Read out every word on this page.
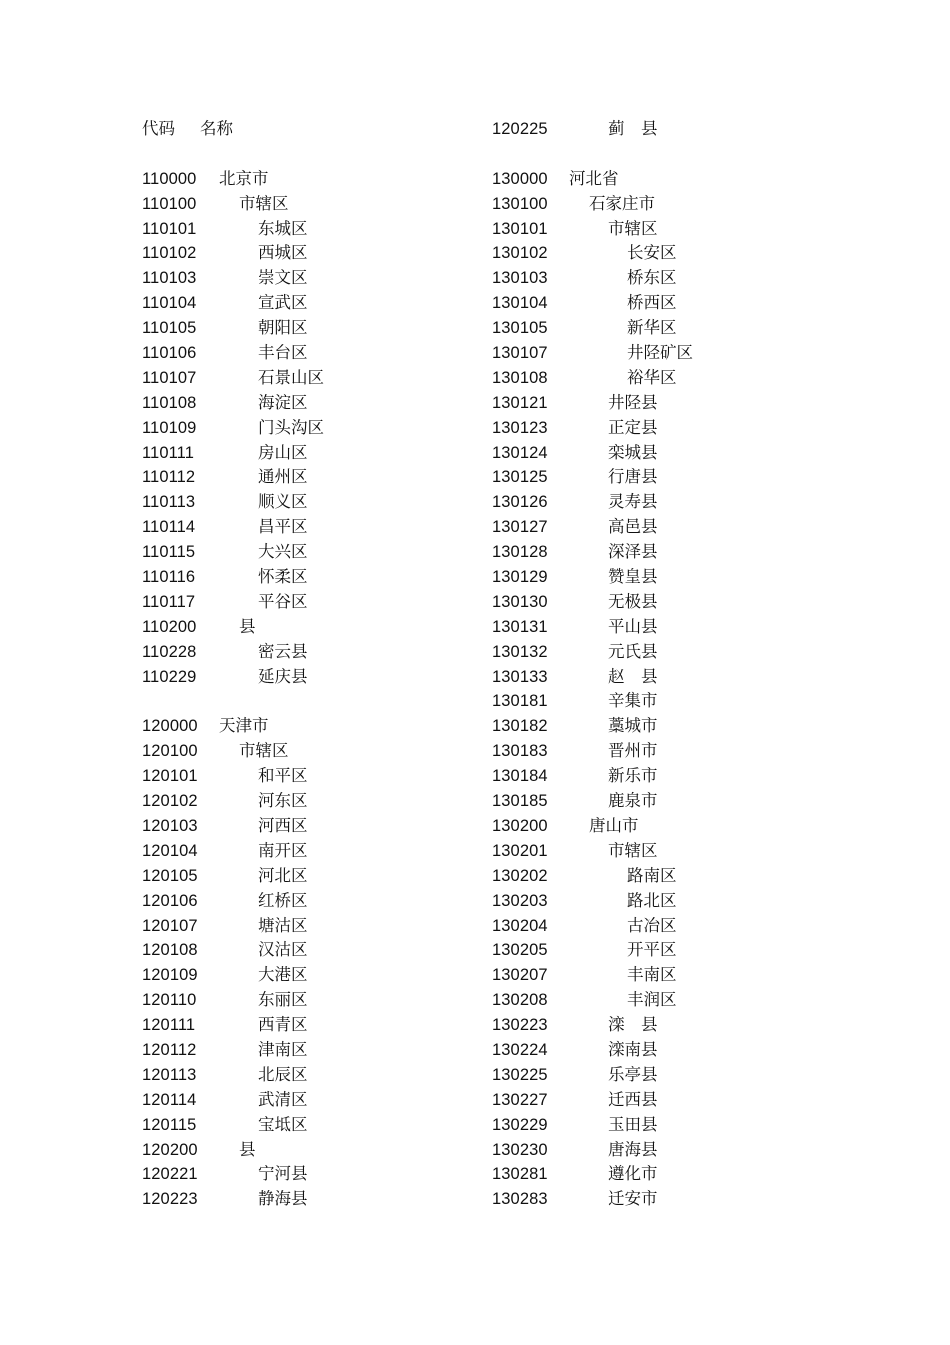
代码 名称
110000 北京市
110100	市辖区
110101	东城区
110102	西城区
110103	崇文区
110104	宣武区
110105	朝阳区
110106	丰台区
110107	石景山区
110108	海淀区
110109	门头沟区
110111	房山区
110112	通州区
110113	顺义区
110114	昌平区
110115	大兴区
110116	怀柔区
110117	平谷区
110200	县
110228	密云县
110229	延庆县
120000 天津市
120100	市辖区
120101	和平区
120102	河东区
120103	河西区
120104	南开区
120105	河北区
120106	红桥区
120107	塘沽区
120108	汉沽区
120109	大港区
120110	东丽区
120111	西青区
120112	津南区
120113	北辰区
120114	武清区
120115	宝坻区
120200	县
120221	宁河县
120223	静海县
120225	蓟　县
130000 河北省
130100	石家庄市
130101	市辖区
130102	长安区
130103	桥东区
130104	桥西区
130105	新华区
130107	井陉矿区
130108	裕华区
130121	井陉县
130123	正定县
130124	栾城县
130125	行唐县
130126	灵寿县
130127	高邑县
130128	深泽县
130129	赞皇县
130130	无极县
130131	平山县
130132	元氏县
130133	赵　县
130181	辛集市
130182	藁城市
130183	晋州市
130184	新乐市
130185	鹿泉市
130200	唐山市
130201	市辖区
130202	路南区
130203	路北区
130204	古冶区
130205	开平区
130207	丰南区
130208	丰润区
130223	滦　县
130224	滦南县
130225	乐亭县
130227	迁西县
130229	玉田县
130230	唐海县
130281	遵化市
130283	迁安市
